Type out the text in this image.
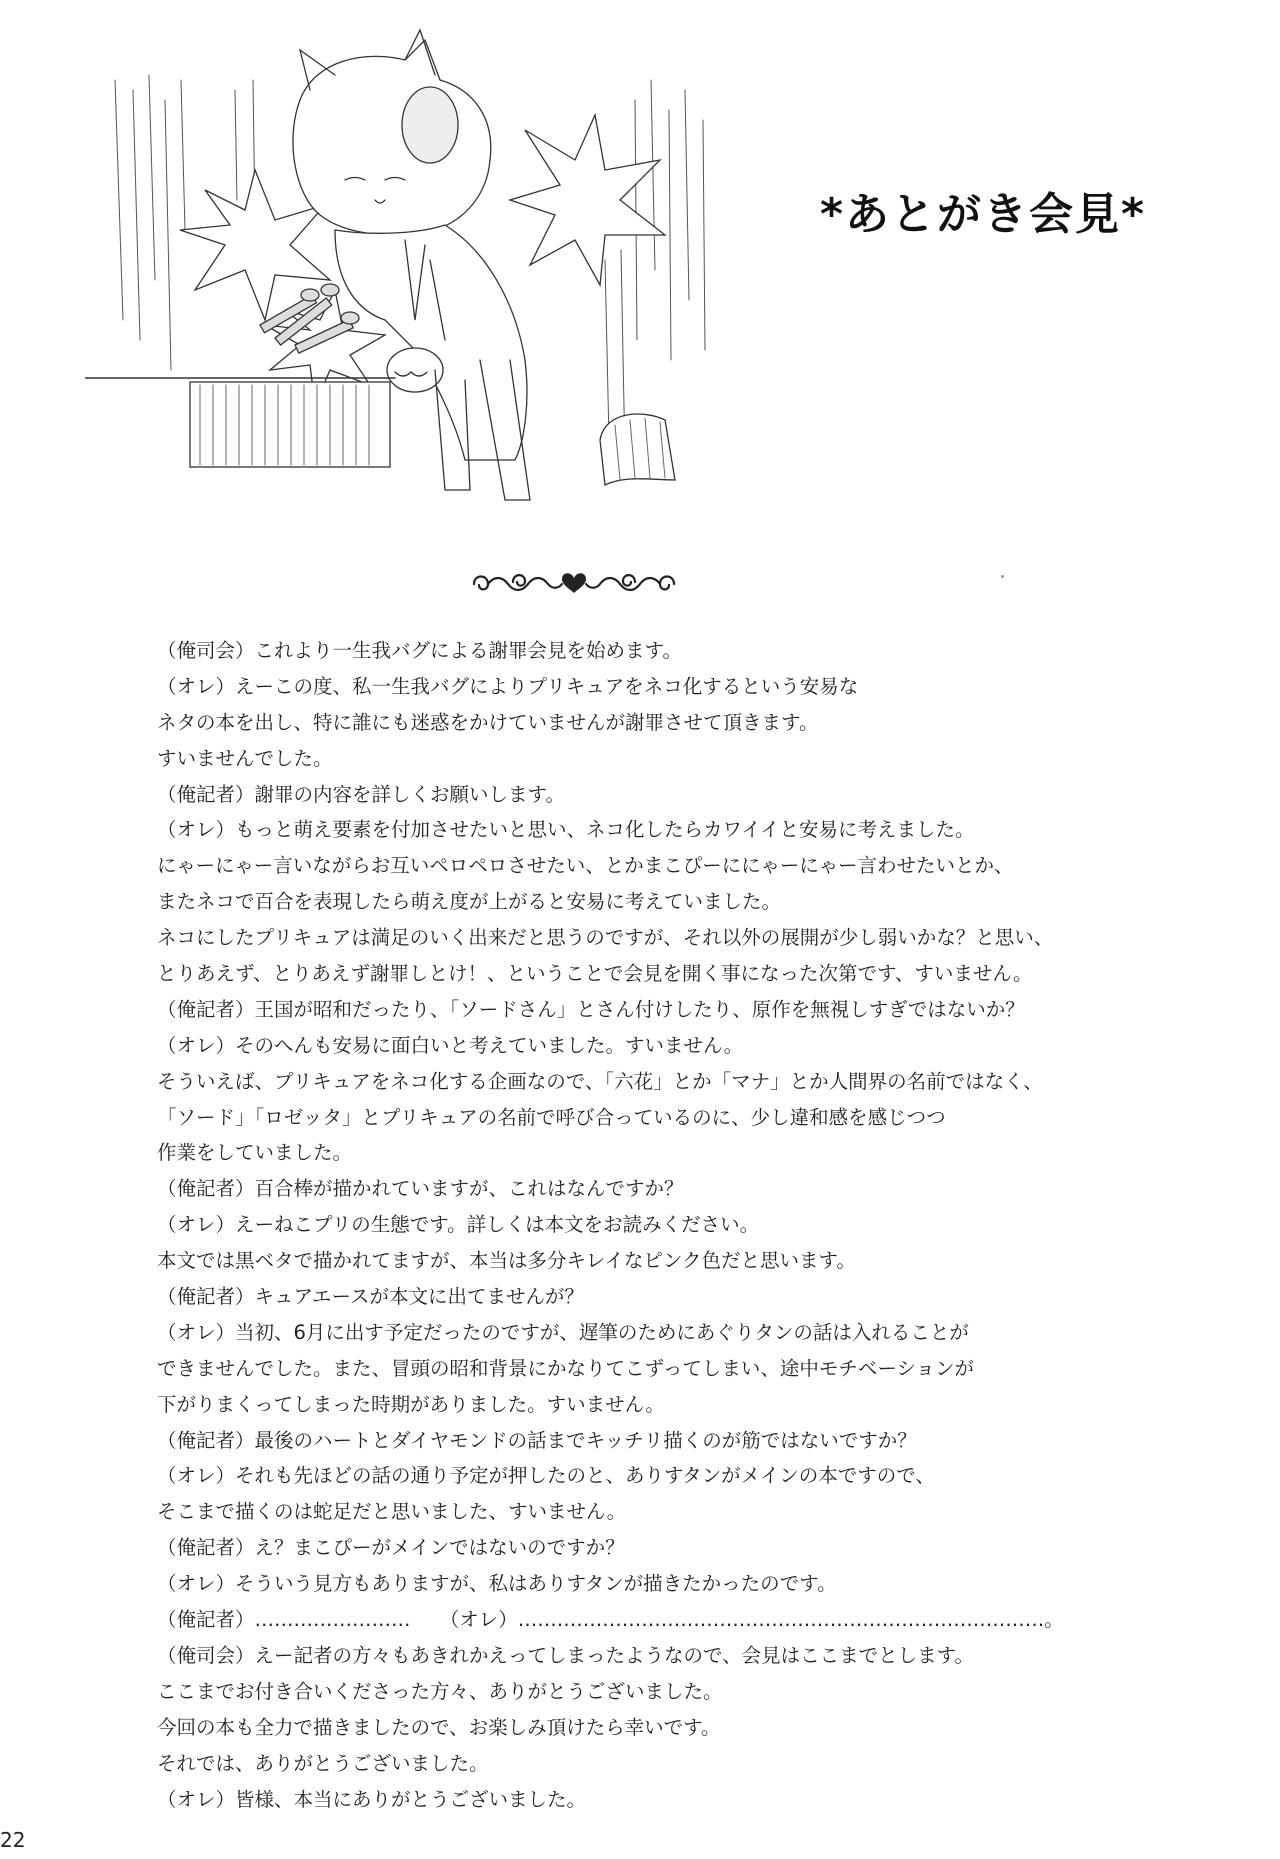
*あとがき会見*
（俺司会）これより一生我バグによる謝罪会見を始めます。
（オレ）えーこの度、私一生我バグによりプリキュアをネコ化するという安易な
ネタの本を出し、特に誰にも迷惑をかけていませんが謝罪させて頂きます。
すいませんでした。
（俺記者）謝罪の内容を詳しくお願いします。
（オレ）もっと萌え要素を付加させたいと思い、ネコ化したらカワイイと安易に考えました。
にゃーにゃー言いながらお互いペロペロさせたい、とかまこぴーににゃーにゃー言わせたいとか、
またネコで百合を表現したら萌え度が上がると安易に考えていました。
ネコにしたプリキュアは満足のいく出来だと思うのですが、それ以外の展開が少し弱いかな？と思い、
とりあえず、とりあえず謝罪しとけ！、ということで会見を開く事になった次第です、すいません。
（俺記者）王国が昭和だったり、「ソードさん」とさん付けしたり、原作を無視しすぎではないか？
（オレ）そのへんも安易に面白いと考えていました。すいません。
そういえば、プリキュアをネコ化する企画なので、「六花」とか「マナ」とか人間界の名前ではなく、
「ソード」「ロゼッタ」とプリキュアの名前で呼び合っているのに、少し違和感を感じつつ
作業をしていました。
（俺記者）百合棒が描かれていますが、これはなんですか？
（オレ）えーねこプリの生態です。詳しくは本文をお読みください。
本文では黒ベタで描かれてますが、本当は多分キレイなピンク色だと思います。
（俺記者）キュアエースが本文に出てませんが？
（オレ）当初、6月に出す予定だったのですが、遅筆のためにあぐりタンの話は入れることが
できませんでした。また、冒頭の昭和背景にかなりてこずってしまい、途中モチベーションが
下がりまくってしまった時期がありました。すいません。
（俺記者）最後のハートとダイヤモンドの話までキッチリ描くのが筋ではないですか？
（オレ）それも先ほどの話の通り予定が押したのと、ありすタンがメインの本ですので、
そこまで描くのは蛇足だと思いました、すいません。
（俺記者）え？まこぴーがメインではないのですか？
（オレ）そういう見方もありますが、私はありすタンが描きたかったのです。
（俺記者）……………………　　（オレ）………………………………………………………………………。
（俺司会）えー記者の方々もあきれかえってしまったようなので、会見はここまでとします。
ここまでお付き合いくださった方々、ありがとうございました。
今回の本も全力で描きましたので、お楽しみ頂けたら幸いです。
それでは、ありがとうございました。
（オレ）皆様、本当にありがとうございました。
22
